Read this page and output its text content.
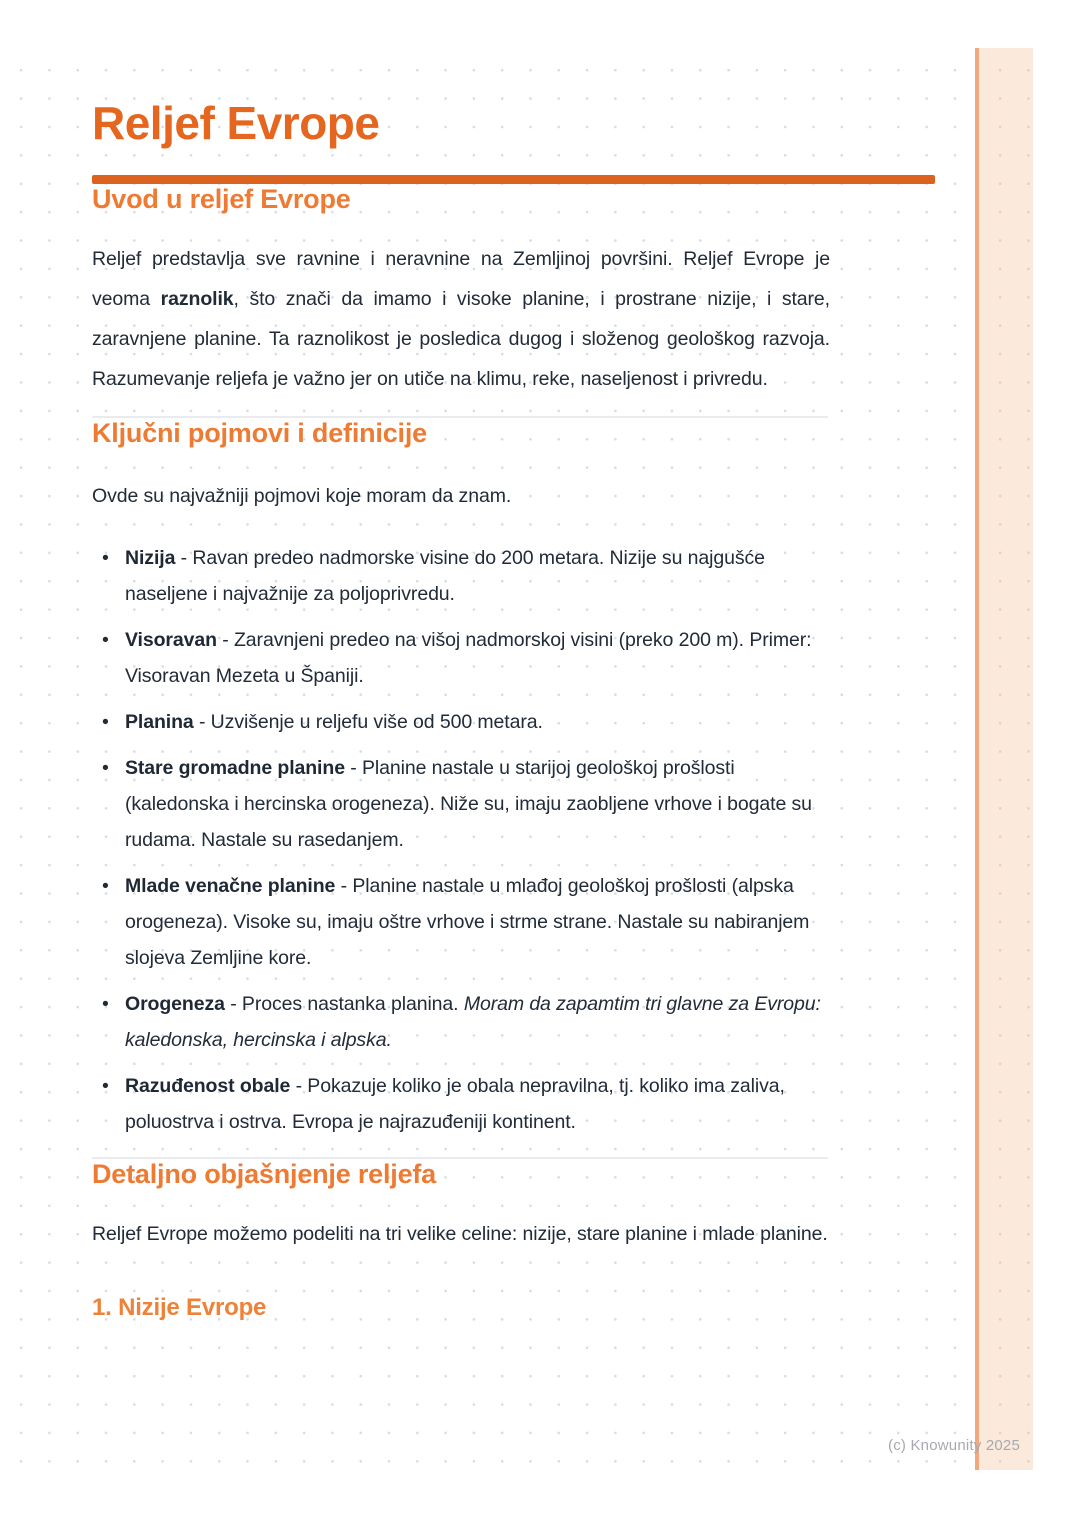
Reljef Evrope
Uvod u reljef Evrope

Reljef predstavlja sve ravnine i neravnine na Zemljinoj površini. Reljef Evrope je veoma raznolik, što znači da imamo i visoke planine, i prostrane nizije, i stare, zaravnjene planine. Ta raznolikost je posledica dugog i složenog geološkog razvoja. Razumevanje reljefa je važno jer on utiče na klimu, reke, naseljenost i privredu.

Ključni pojmovi i definicije

Ovde su najvažniji pojmovi koje moram da znam.

• Nizija - Ravan predeo nadmorske visine do 200 metara. Nizije su najgušće naseljene i najvažnije za poljoprivredu.
• Visoravan - Zaravnjeni predeo na višoj nadmorskoj visini (preko 200 m). Primer: Visoravan Mezeta u Španiji.
• Planina - Uzvišenje u reljefu više od 500 metara.
• Stare gromadne planine - Planine nastale u starijoj geološkoj prošlosti (kaledonska i hercinska orogeneza). Niže su, imaju zaobljene vrhove i bogate su rudama. Nastale su rasedanjem.
• Mlade venačne planine - Planine nastale u mlađoj geološkoj prošlosti (alpska orogeneza). Visoke su, imaju oštre vrhove i strme strane. Nastale su nabiranjem slojeva Zemljine kore.
• Orogeneza - Proces nastanka planina. Moram da zapamtim tri glavne za Evropu: kaledonska, hercinska i alpska.
• Razuđenost obale - Pokazuje koliko je obala nepravilna, tj. koliko ima zaliva, poluostrva i ostrva. Evropa je najrazuđeniji kontinent.
Detaljno objašnjenje reljefa

Reljef Evrope možemo podeliti na tri velike celine: nizije, stare planine i mlade planine.

1. Nizije Evrope
(c) Knowunity 2025
